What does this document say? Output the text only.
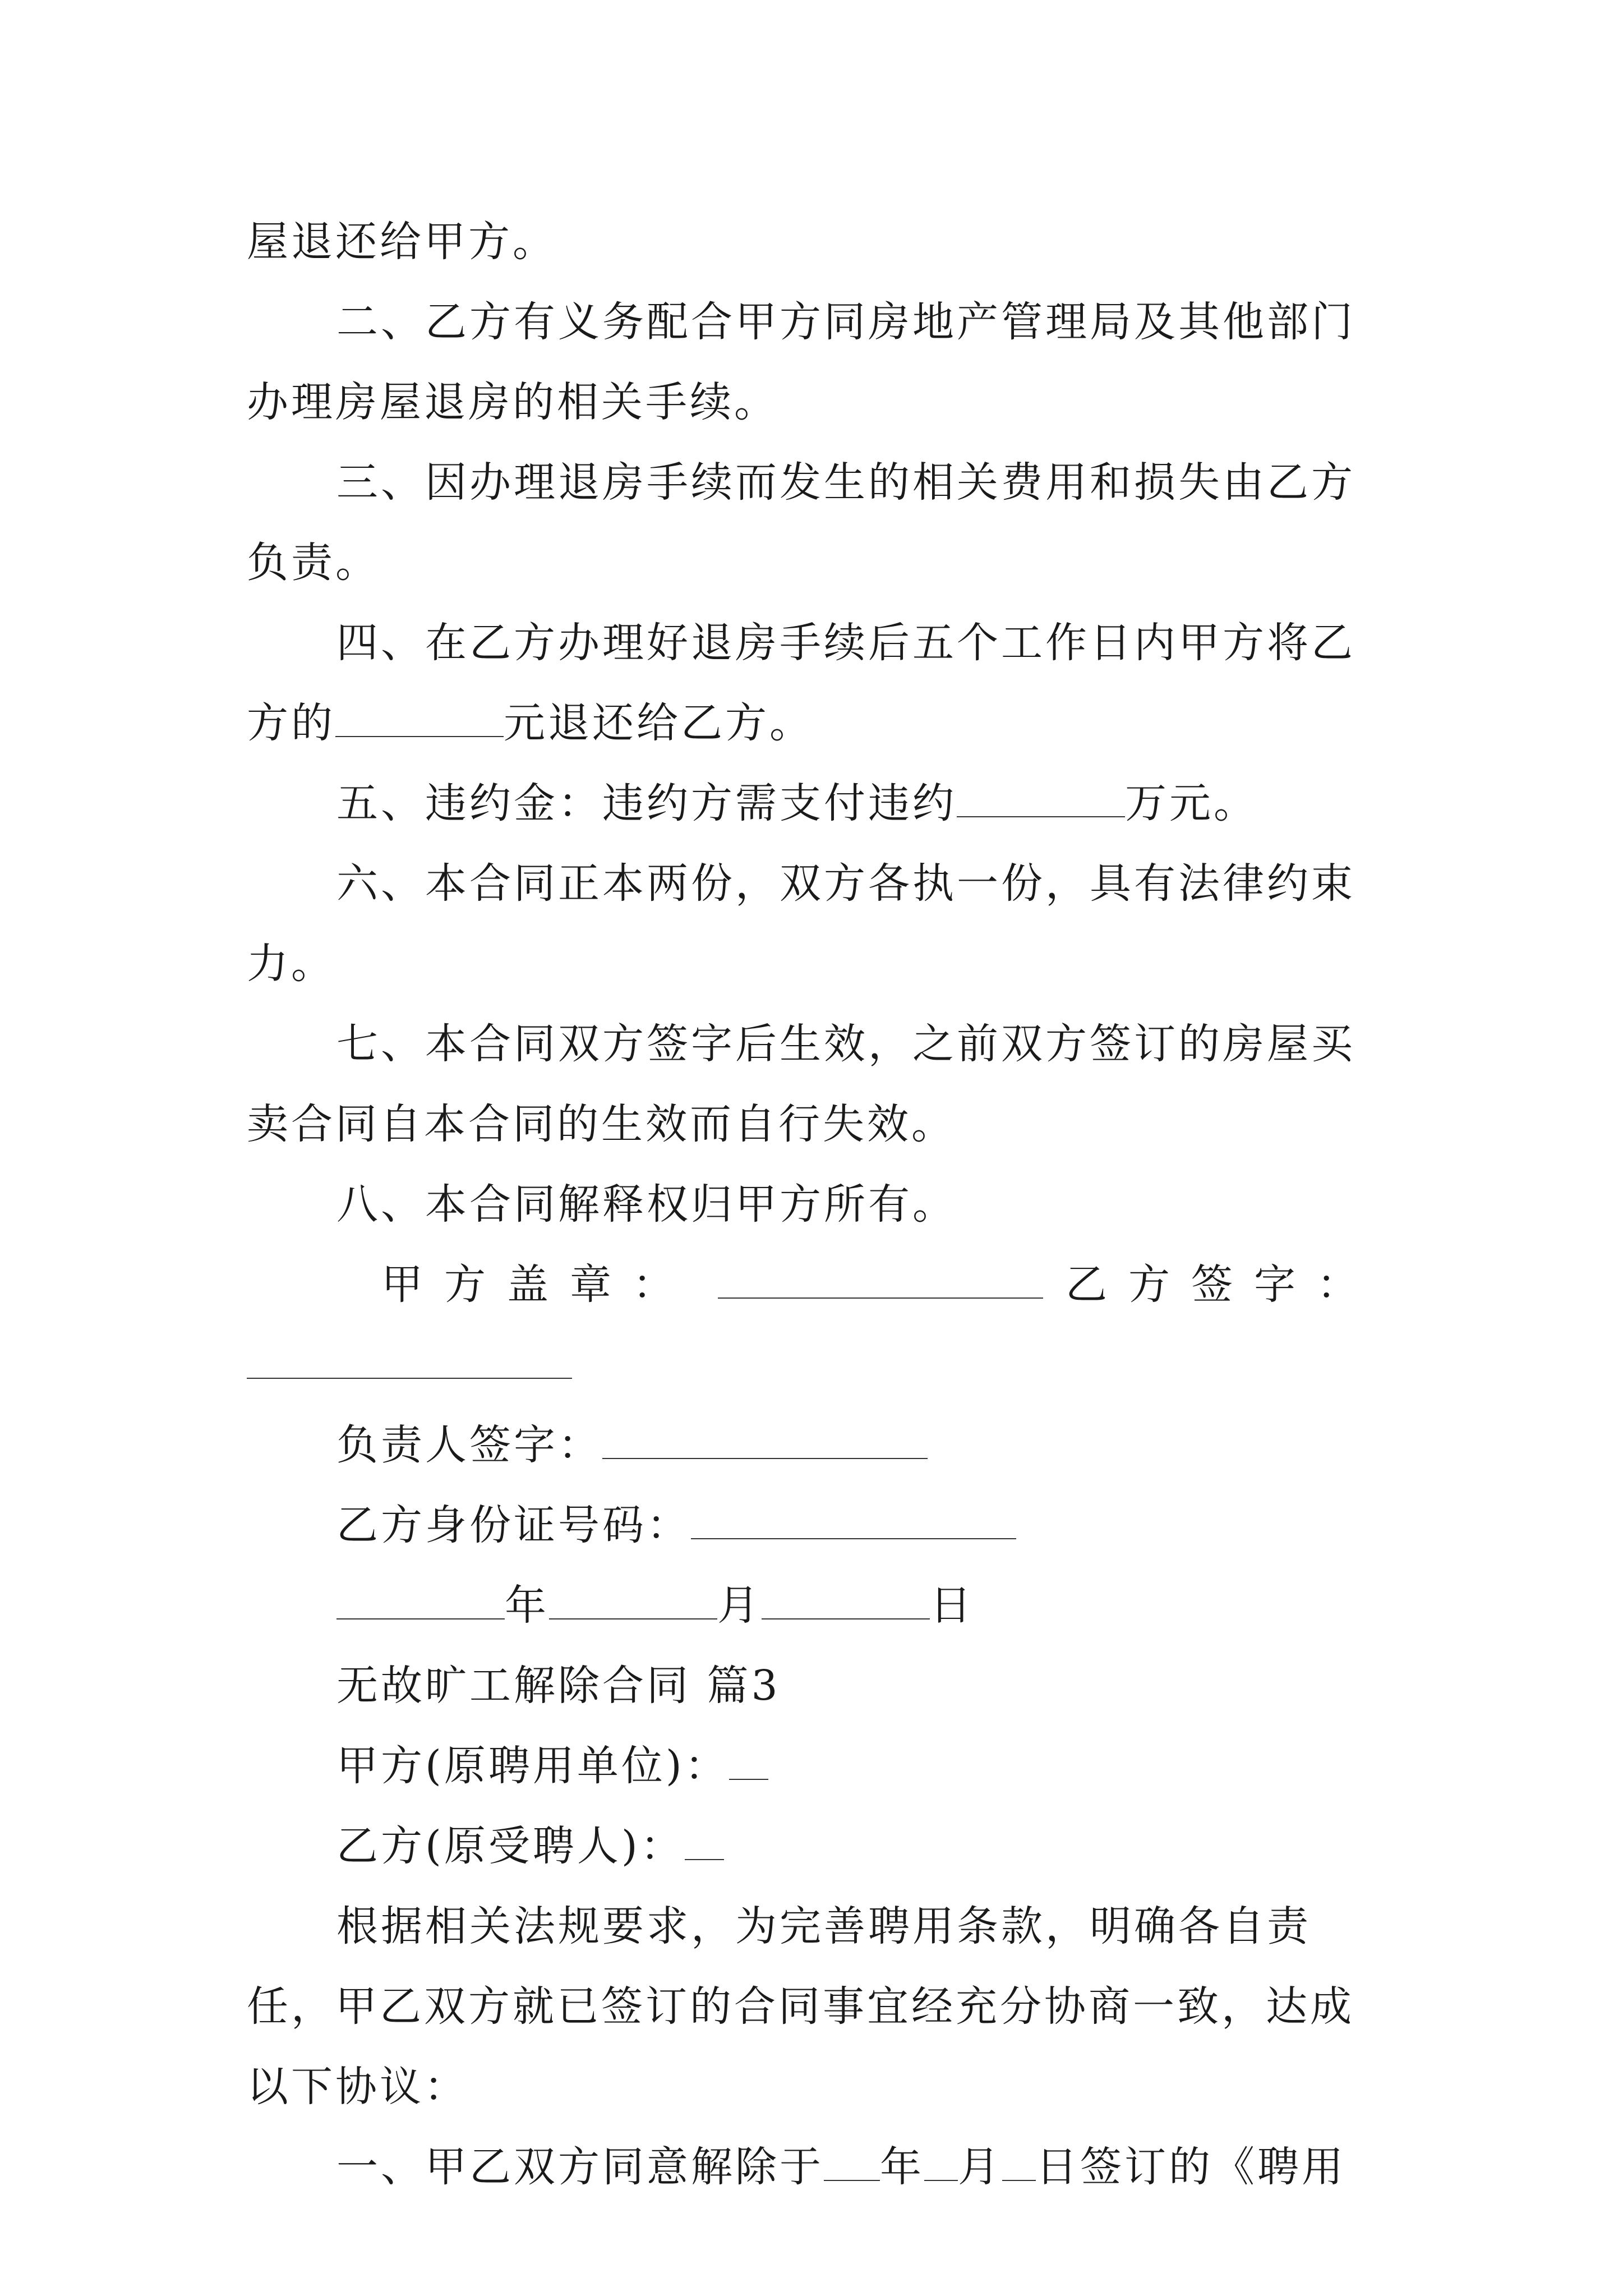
屋退还给甲方。

二、乙方有义务配合甲方同房地产管理局及其他部门办理房屋退房的相关手续。

三、因办理退房手续而发生的相关费用和损失由乙方负责。

四、在乙方办理好退房手续后五个工作日内甲方将乙方的	元退还给乙方。

五、违约金：违约方需支付违约	万元。

六、本合同正本两份，双方各执一份，具有法律约束力。

七、本合同双方签字后生效，之前双方签订的房屋买卖合同自本合同的生效而自行失效。

八、本合同解释权归甲方所有。

甲方盖章：	乙方签字：

负责人签字：

乙方身份证号码：

年	月	日

无故旷工解除合同 篇3

甲方(原聘用单位)：

乙方(原受聘人)：

根据相关法规要求，为完善聘用条款，明确各自责任，甲乙双方就已签订的合同事宜经充分协商一致，达成以下协议：

一、甲乙双方同意解除于 年 月 日签订的《聘用
